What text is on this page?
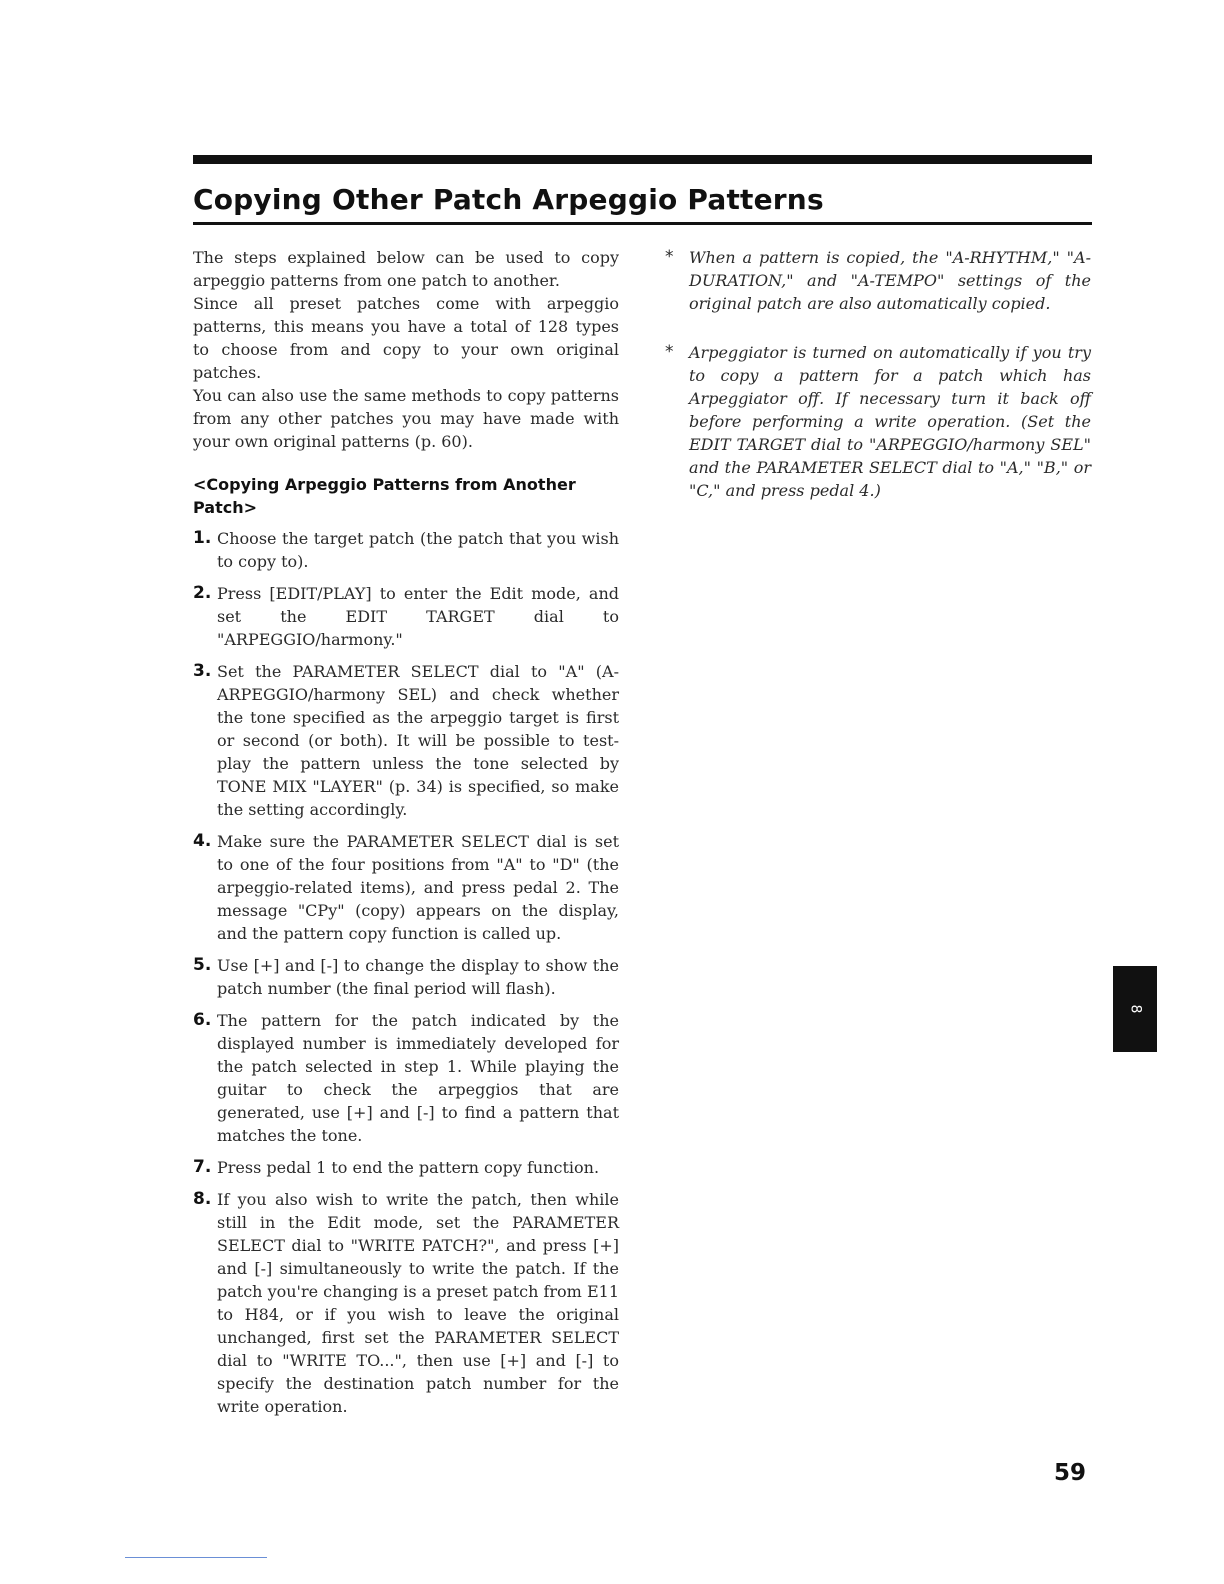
Copying Other Patch Arpeggio Patterns

The steps explained below can be used to copy arpeggio patterns from one patch to another.

Since all preset patches come with arpeggio patterns, this means you have a total of 128 types to choose from and copy to your own original patches.

You can also use the same methods to copy patterns from any other patches you may have made with your own original patterns (p. 60).

<Copying Arpeggio Patterns from Another Patch>
1. Choose the target patch (the patch that you wish to copy to).
2. Press [EDIT/PLAY] to enter the Edit mode, and set the EDIT TARGET dial to "ARPEGGIO/harmony."
3. Set the PARAMETER SELECT dial to "A" (A-ARPEGGIO/harmony SEL) and check whether the tone specified as the arpeggio target is first or second (or both). It will be possible to test-play the pattern unless the tone selected by TONE MIX "LAYER" (p. 34) is specified, so make the setting accordingly.
4. Make sure the PARAMETER SELECT dial is set to one of the four positions from "A" to "D" (the arpeggio-related items), and press pedal 2. The message "CPy" (copy) appears on the display, and the pattern copy function is called up.
5. Use [+] and [-] to change the display to show the patch number (the final period will flash).
6. The pattern for the patch indicated by the displayed number is immediately developed for the patch selected in step 1. While playing the guitar to check the arpeggios that are generated, use [+] and [-] to find a pattern that matches the tone.
7. Press pedal 1 to end the pattern copy function.
8. If you also wish to write the patch, then while still in the Edit mode, set the PARAMETER SELECT dial to "WRITE PATCH?", and press [+] and [-] simultaneously to write the patch. If the patch you're changing is a preset patch from E11 to H84, or if you wish to leave the original unchanged, first set the PARAMETER SELECT dial to "WRITE TO...", then use [+] and [-] to specify the destination patch number for the write operation.

* When a pattern is copied, the "A-RHYTHM," "A-DURATION," and "A-TEMPO" settings of the original patch are also automatically copied.

* Arpeggiator is turned on automatically if you try to copy a pattern for a patch which has Arpeggiator off. If necessary turn it back off before performing a write operation. (Set the EDIT TARGET dial to "ARPEGGIO/harmony SEL" and the PARAMETER SELECT dial to "A," "B," or "C," and press pedal 4.)

8
59
